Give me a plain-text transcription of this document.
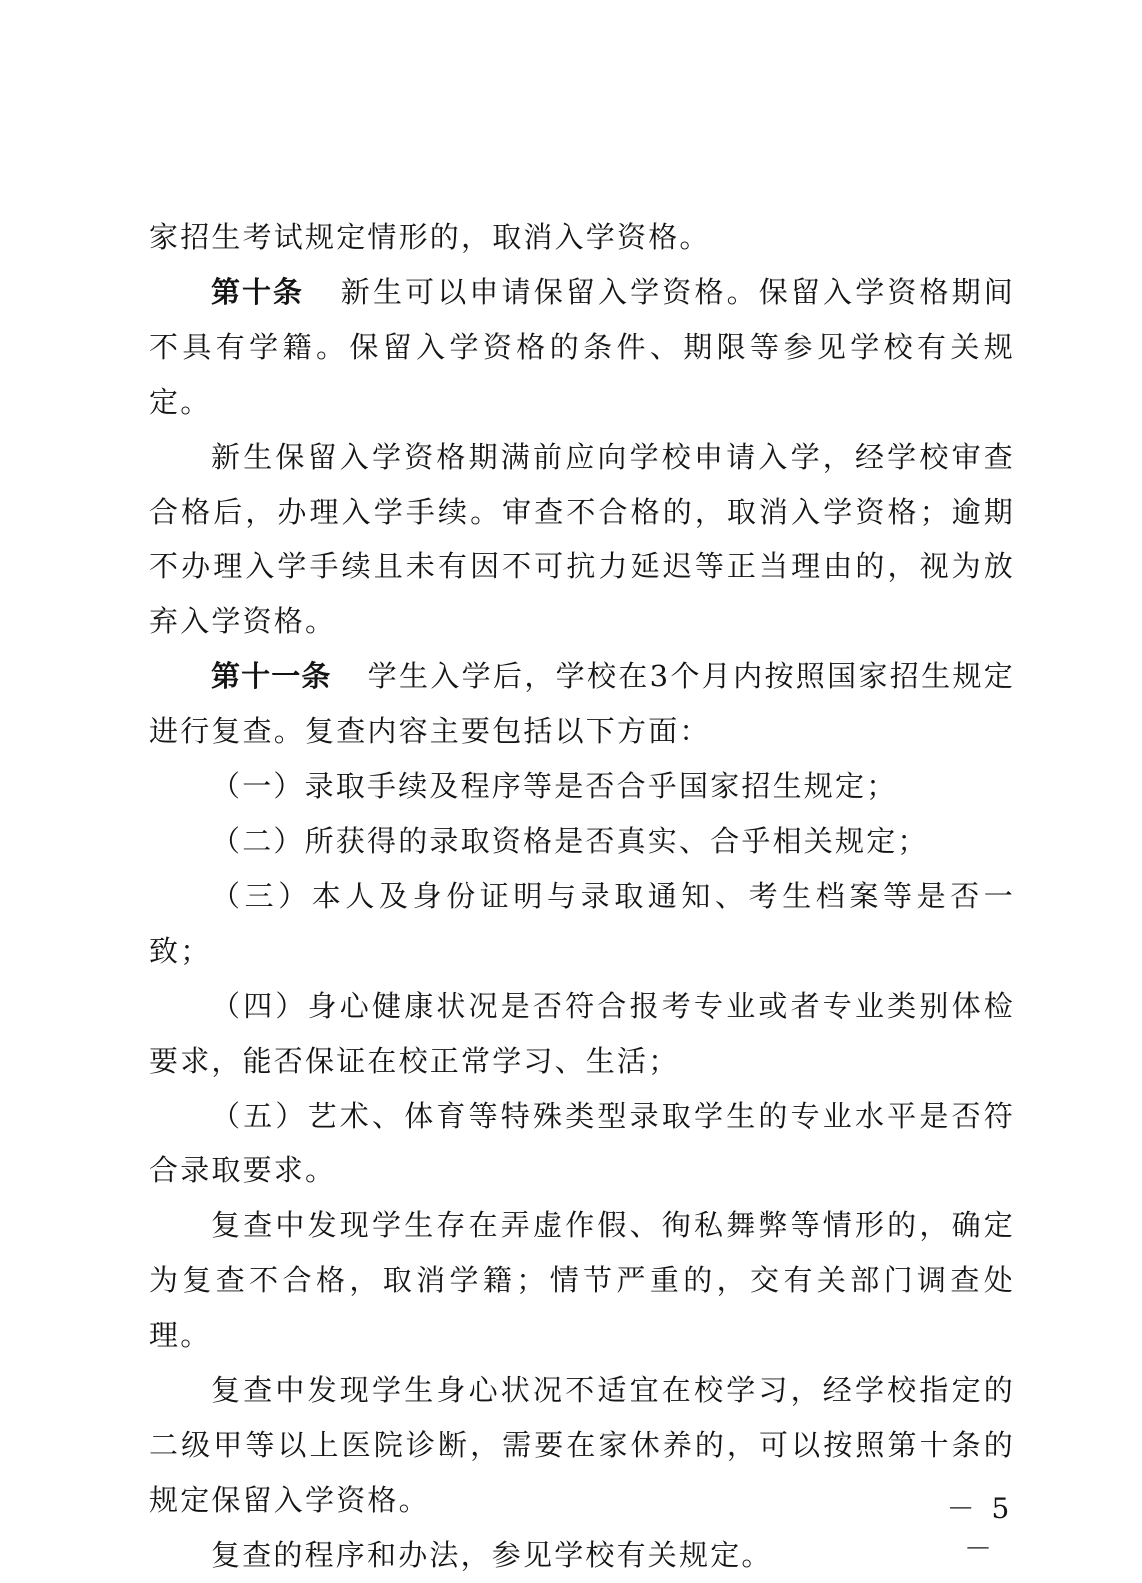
家招生考试规定情形的，取消入学资格。

第十条 新生可以申请保留入学资格。保留入学资格期间不具有学籍。保留入学资格的条件、期限等参见学校有关规定。

新生保留入学资格期满前应向学校申请入学，经学校审查合格后，办理入学手续。审查不合格的，取消入学资格；逾期不办理入学手续且未有因不可抗力延迟等正当理由的，视为放弃入学资格。

第十一条 学生入学后，学校在3个月内按照国家招生规定进行复查。复查内容主要包括以下方面：

（一）录取手续及程序等是否合乎国家招生规定；

（二）所获得的录取资格是否真实、合乎相关规定；

（三）本人及身份证明与录取通知、考生档案等是否一致；

（四）身心健康状况是否符合报考专业或者专业类别体检要求，能否保证在校正常学习、生活；

（五）艺术、体育等特殊类型录取学生的专业水平是否符合录取要求。

复查中发现学生存在弄虚作假、徇私舞弊等情形的，确定为复查不合格，取消学籍；情节严重的，交有关部门调查处理。

复查中发现学生身心状况不适宜在校学习，经学校指定的二级甲等以上医院诊断，需要在家休养的，可以按照第十条的规定保留入学资格。

复查的程序和办法，参见学校有关规定。

－ 5 －
